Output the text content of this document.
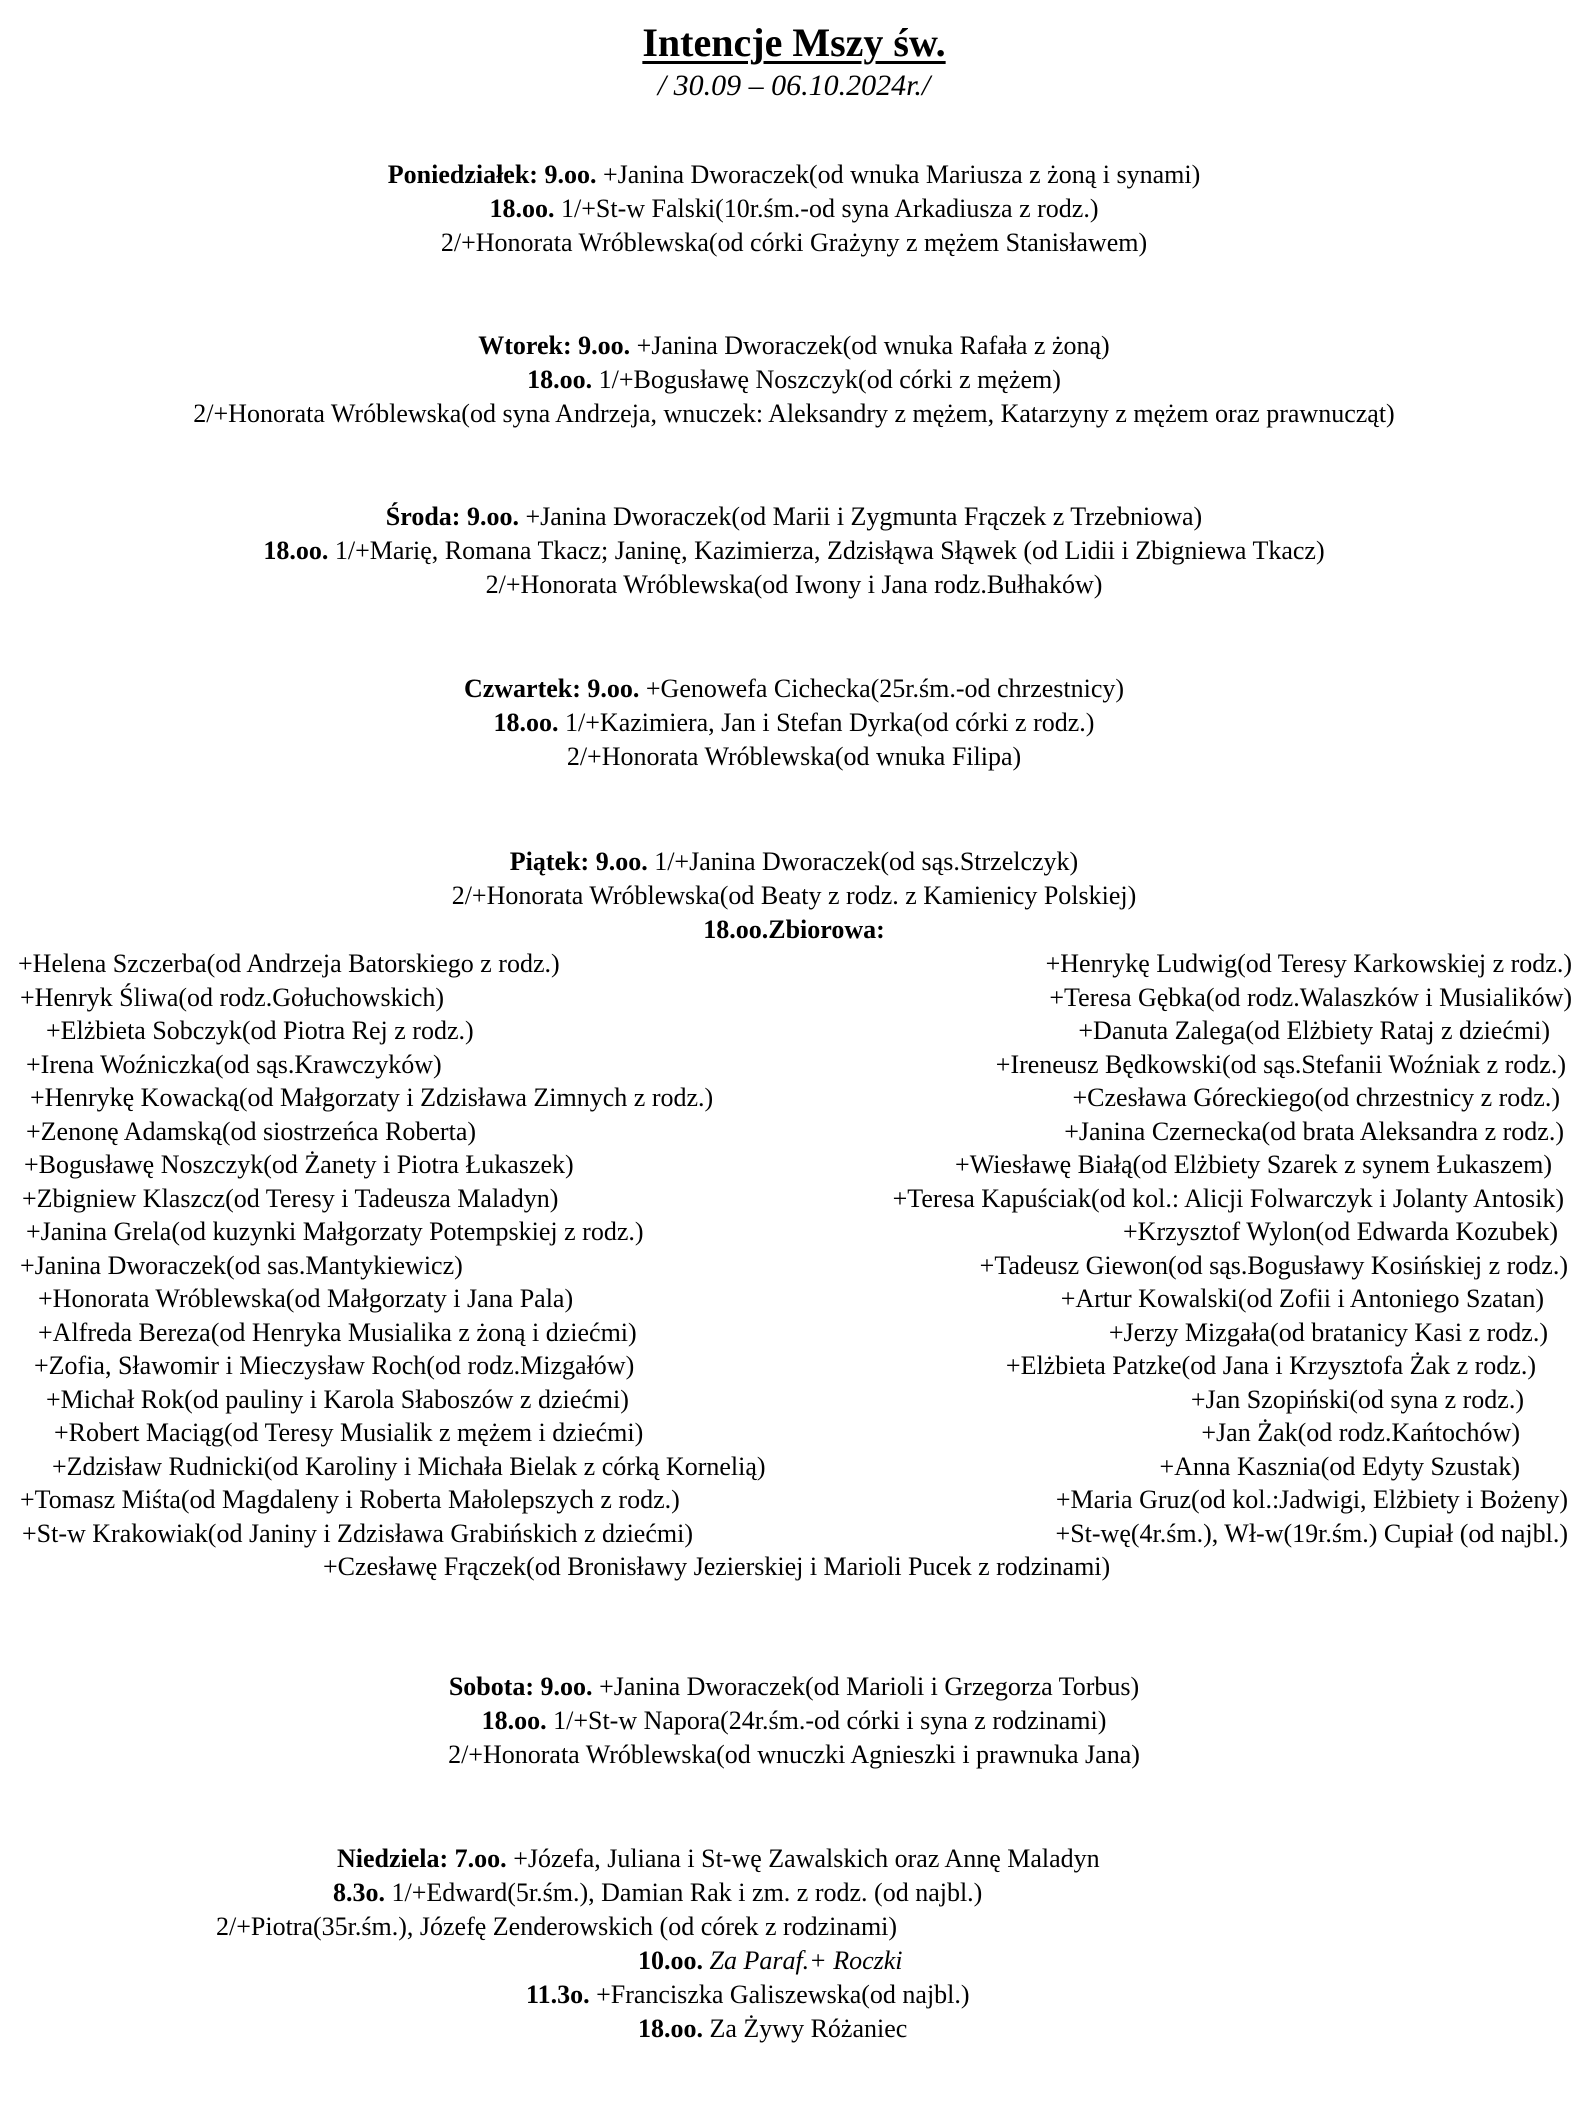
Intencje Mszy św.
/ 30.09 – 06.10.2024r./
Poniedziałek: 9.oo. +Janina Dworaczek(od wnuka Mariusza z żoną i synami)
18.oo. 1/+St-w Falski(10r.śm.-od syna Arkadiusza z rodz.)
2/+Honorata Wróblewska(od córki Grażyny z mężem Stanisławem)
Wtorek: 9.oo. +Janina Dworaczek(od wnuka Rafała z żoną)
18.oo. 1/+Bogusławę Noszczyk(od córki z mężem)
2/+Honorata Wróblewska(od syna Andrzeja, wnuczek: Aleksandry z mężem, Katarzyny z mężem oraz prawnucząt)
Środa: 9.oo. +Janina Dworaczek(od Marii i Zygmunta Frączek z Trzebniowa)
18.oo. 1/+Marię, Romana Tkacz; Janinę, Kazimierza, Zdzisłąwa Słąwek (od Lidii i Zbigniewa Tkacz)
2/+Honorata Wróblewska(od Iwony i Jana rodz.Bułhaków)
Czwartek: 9.oo. +Genowefa Cichecka(25r.śm.-od chrzestnicy)
18.oo. 1/+Kazimiera, Jan i Stefan Dyrka(od córki z rodz.)
2/+Honorata Wróblewska(od wnuka Filipa)
Piątek: 9.oo. 1/+Janina Dworaczek(od sąs.Strzelczyk)
2/+Honorata Wróblewska(od Beaty z rodz. z Kamienicy Polskiej)
18.oo.Zbiorowa:
+Helena Szczerba(od Andrzeja Batorskiego z rodz.)
+Henryk Śliwa(od rodz.Gołuchowskich)
+Elżbieta Sobczyk(od Piotra Rej z rodz.)
+Irena Woźniczka(od sąs.Krawczyków)
+Henrykę Kowacką(od Małgorzaty i Zdzisława Zimnych z rodz.)
+Zenonę Adamską(od siostrzeńca Roberta)
+Bogusławę Noszczyk(od Żanety i Piotra Łukaszek)
+Zbigniew Klaszcz(od Teresy i Tadeusza Maladyn)
+Janina Grela(od kuzynki Małgorzaty Potempskiej z rodz.)
+Janina Dworaczek(od sas.Mantykiewicz)
+Honorata Wróblewska(od Małgorzaty i Jana Pala)
+Alfreda Bereza(od Henryka Musialika z żoną i dziećmi)
+Zofia, Sławomir i Mieczysław Roch(od rodz.Mizgałów)
+Michał Rok(od pauliny i Karola Słaboszów z dziećmi)
+Robert Maciąg(od Teresy Musialik z mężem i dziećmi)
+Zdzisław Rudnicki(od Karoliny i Michała Bielak z córką Kornelią)
+Tomasz Miśta(od Magdaleny i Roberta Małolepszych z rodz.)
+St-w Krakowiak(od Janiny i Zdzisława Grabińskich z dziećmi)
+Henrykę Ludwig(od Teresy Karkowskiej z rodz.)
+Teresa Gębka(od rodz.Walaszków i Musialików)
+Danuta Zalega(od Elżbiety Rataj z dziećmi)
+Ireneusz Będkowski(od sąs.Stefanii Woźniak z rodz.)
+Czesława Góreckiego(od chrzestnicy z rodz.)
+Janina Czernecka(od brata Aleksandra z rodz.)
+Wiesławę Białą(od Elżbiety Szarek z synem Łukaszem)
+Teresa Kapuściak(od kol.: Alicji Folwarczyk i Jolanty Antosik)
+Krzysztof Wylon(od Edwarda Kozubek)
+Tadeusz Giewon(od sąs.Bogusławy Kosińskiej z rodz.)
+Artur Kowalski(od Zofii i Antoniego Szatan)
+Jerzy Mizgała(od bratanicy Kasi z rodz.)
+Elżbieta Patzke(od Jana i Krzysztofa Żak z rodz.)
+Jan Szopiński(od syna z rodz.)
+Jan Żak(od rodz.Kańtochów)
+Anna Kasznia(od Edyty Szustak)
+Maria Gruz(od kol.:Jadwigi, Elżbiety i Bożeny)
+St-wę(4r.śm.), Wł-w(19r.śm.) Cupiał (od najbl.)
+Czesławę Frączek(od Bronisławy Jezierskiej i Marioli Pucek z rodzinami)
Sobota: 9.oo. +Janina Dworaczek(od Marioli i Grzegorza Torbus)
18.oo. 1/+St-w Napora(24r.śm.-od córki i syna z rodzinami)
2/+Honorata Wróblewska(od wnuczki Agnieszki i prawnuka Jana)
Niedziela: 7.oo. +Józefa, Juliana i St-wę Zawalskich oraz Annę Maladyn
8.3o. 1/+Edward(5r.śm.), Damian Rak i zm. z rodz. (od najbl.)
2/+Piotra(35r.śm.), Józefę Zenderowskich (od córek z rodzinami)
10.oo. Za Paraf.+ Roczki
11.3o. +Franciszka Galiszewska(od najbl.)
18.oo. Za Żywy Różaniec
